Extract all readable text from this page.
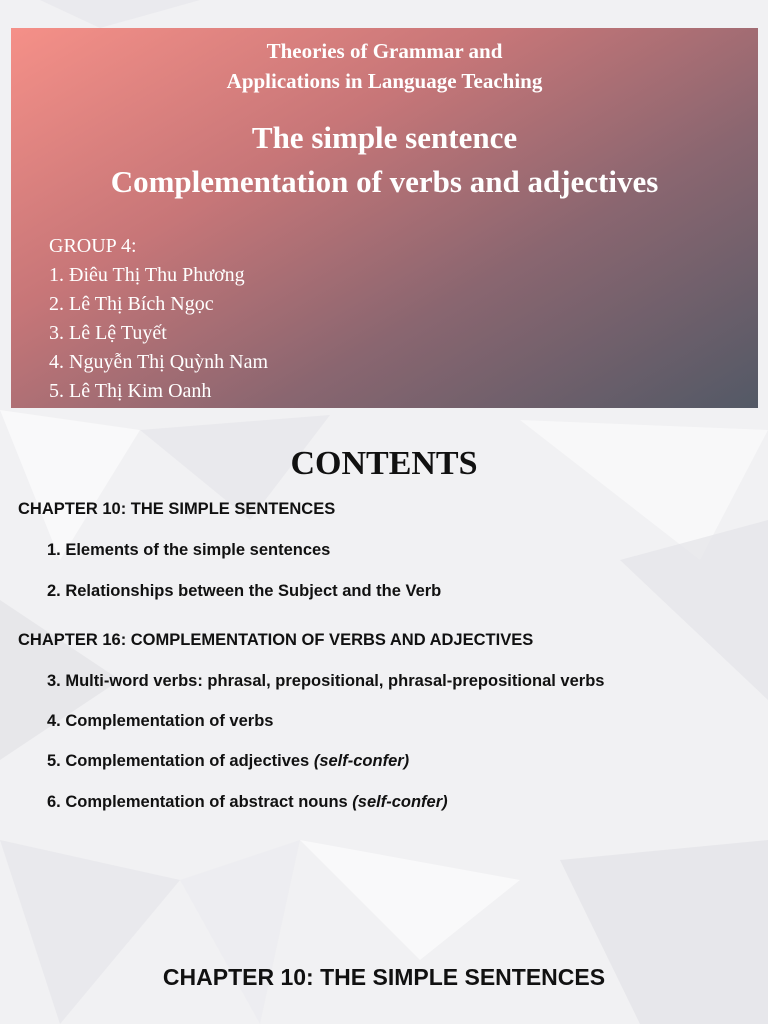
Theories of Grammar and
Applications in Language Teaching
The simple sentence
Complementation of verbs and adjectives
GROUP 4:
1. Điêu Thị Thu Phương
2. Lê Thị Bích Ngọc
3. Lê Lệ Tuyết
4. Nguyễn Thị Quỳnh Nam
5. Lê Thị Kim Oanh
CONTENTS
CHAPTER 10: THE SIMPLE SENTENCES
1. Elements of the simple sentences
2. Relationships between the Subject and the Verb
CHAPTER 16: COMPLEMENTATION OF VERBS AND ADJECTIVES
3. Multi-word verbs: phrasal, prepositional, phrasal-prepositional verbs
4. Complementation of verbs
5. Complementation of adjectives (self-confer)
6. Complementation of abstract nouns (self-confer)
CHAPTER 10: THE SIMPLE SENTENCES
